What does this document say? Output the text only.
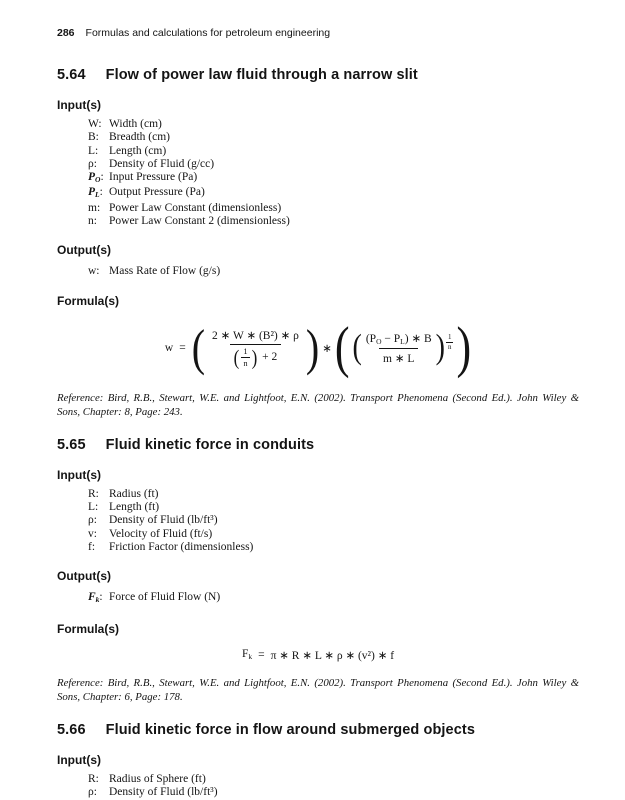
286 Formulas and calculations for petroleum engineering
5.64 Flow of power law fluid through a narrow slit
Input(s)
W: Width (cm)
B: Breadth (cm)
L: Length (cm)
ρ:	Density of Fluid (g/cc)
$P_O$: Input Pressure (Pa)
$P_L$: Output Pressure (Pa)
m: Power Law Constant (dimensionless)
n:	Power Law Constant 2 (dimensionless)
Output(s)
w: Mass Rate of Flow (g/s)
Formula(s)
w = ( 2 ∗ W ∗ (B²) ∗ ρ
( 1
n ) + 2 ) ∗ ( ( $\frac{(P_O - P_L) ∗ B}{m ∗ L}$ ) $\frac{1}{n}$ )
Reference: Bird, R.B., Stewart, W.E. and Lightfoot, E.N. (2002). Transport Phenomena (Second Ed.). John Wiley & Sons, Chapter: 8, Page: 243.
5.65 Fluid kinetic force in conduits
Input(s)
R: Radius (ft)
L: Length (ft)
ρ:	Density of Fluid (lb/ft³)
v:	Velocity of Fluid (ft/s)
f:	Friction Factor (dimensionless)
Output(s)
$F_k$: Force of Fluid Flow (N)
Formula(s)
$F_k = \pi$ ∗ R ∗ L ∗ ρ ∗ (v²) ∗ f
Reference: Bird, R.B., Stewart, W.E. and Lightfoot, E.N. (2002). Transport Phenomena (Second Ed.). John Wiley & Sons, Chapter: 6, Page: 178.
5.66 Fluid kinetic force in flow around submerged objects
Input(s)
R: Radius of Sphere (ft)
ρ:	Density of Fluid (lb/ft³)
